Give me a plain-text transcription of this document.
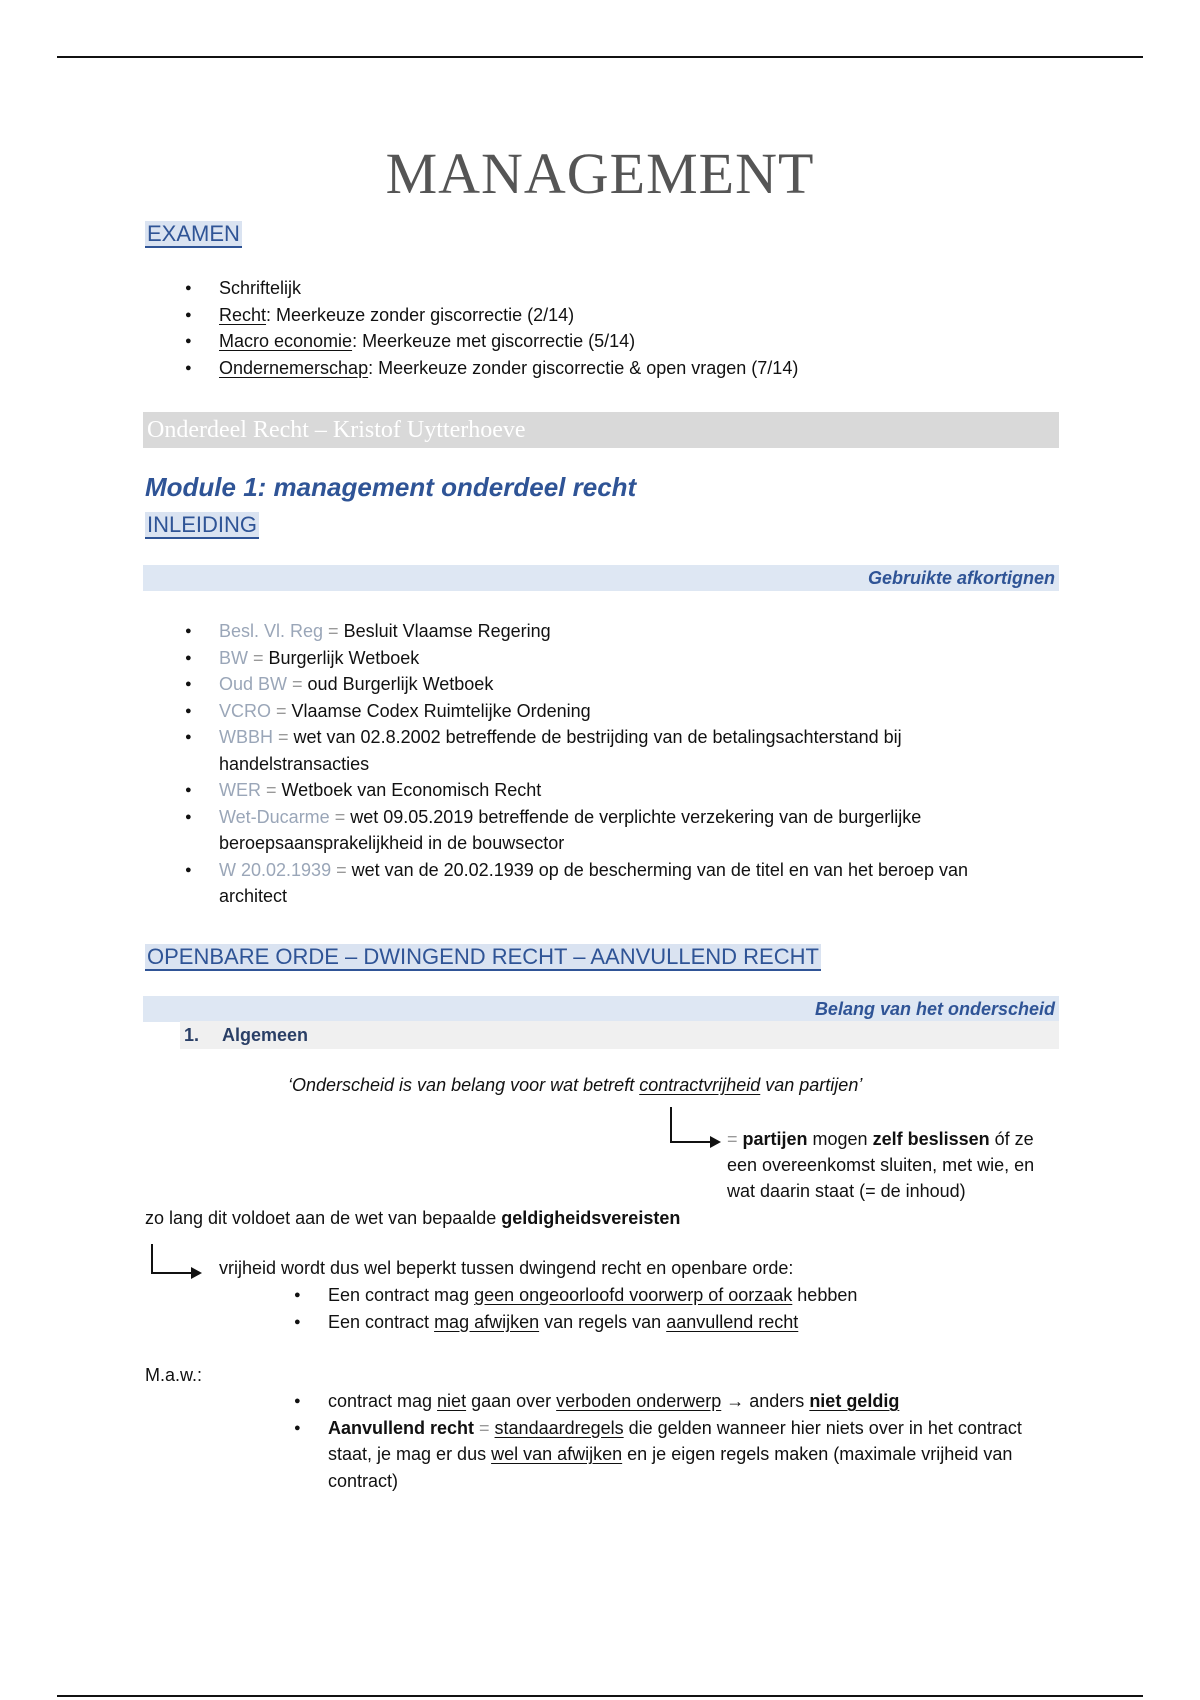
MANAGEMENT
EXAMEN
● Schriftelijk
● Recht: Meerkeuze zonder giscorrectie (2/14)
● Macro economie: Meerkeuze met giscorrectie (5/14)
● Ondernemerschap: Meerkeuze zonder giscorrectie & open vragen (7/14)
Onderdeel Recht – Kristof Uytterhoeve
Module 1: management onderdeel recht
INLEIDING
Gebruikte afkortignen
● Besl. Vl. Reg = Besluit Vlaamse Regering
● BW = Burgerlijk Wetboek
● Oud BW = oud Burgerlijk Wetboek
● VCRO = Vlaamse Codex Ruimtelijke Ordening
● WBBH = wet van 02.8.2002 betreffende de bestrijding van de betalingsachterstand bij handelstransacties
● WER = Wetboek van Economisch Recht
● Wet-Ducarme = wet 09.05.2019 betreffende de verplichte verzekering van de burgerlijke beroepsaansprakelijkheid in de bouwsector
● W 20.02.1939 = wet van de 20.02.1939 op de bescherming van de titel en van het beroep van architect
OPENBARE ORDE – DWINGEND RECHT – AANVULLEND RECHT
Belang van het onderscheid
1. Algemeen
‘Onderscheid is van belang voor wat betreft contractvrijheid van partijen’
= partijen mogen zelf beslissen óf ze een overeenkomst sluiten, met wie, en wat daarin staat (= de inhoud)
zo lang dit voldoet aan de wet van bepaalde geldigheidsvereisten
vrijheid wordt dus wel beperkt tussen dwingend recht en openbare orde:
● Een contract mag geen ongeoorloofd voorwerp of oorzaak hebben
● Een contract mag afwijken van regels van aanvullend recht
M.a.w.:
● contract mag niet gaan over verboden onderwerp → anders niet geldig
● Aanvullend recht = standaardregels die gelden wanneer hier niets over in het contract staat, je mag er dus wel van afwijken en je eigen regels maken (maximale vrijheid van contract)
